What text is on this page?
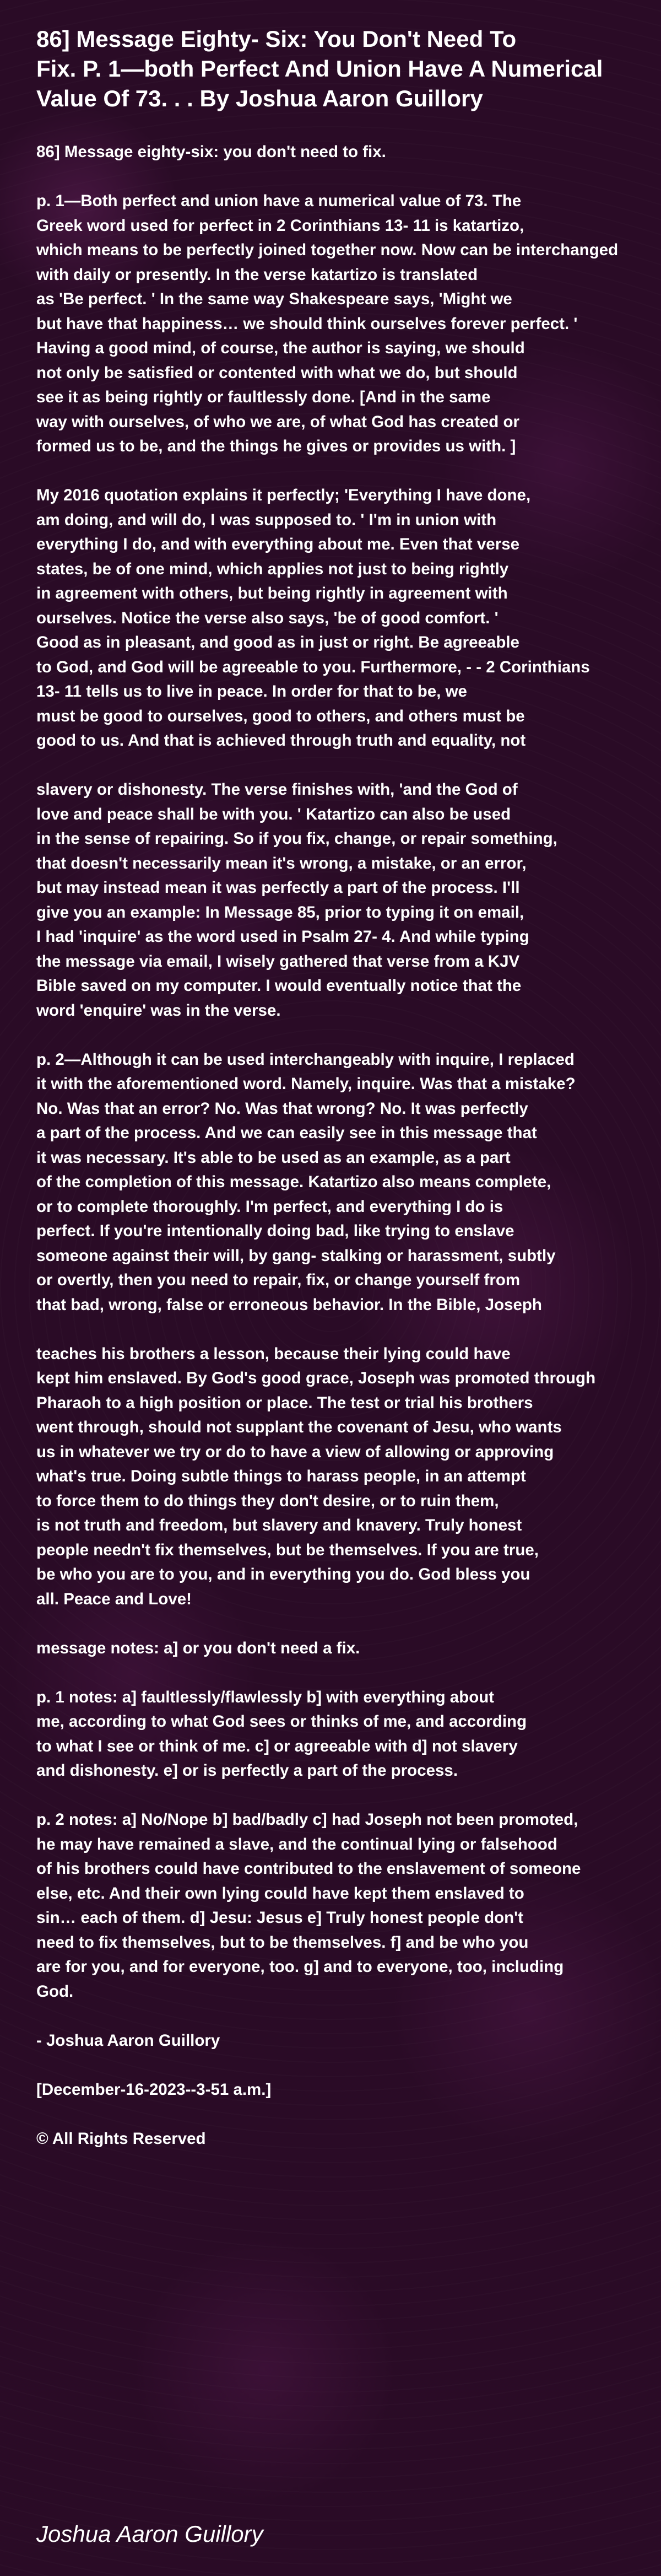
86] Message Eighty- Six: You Don't Need To
Fix. P. 1—both Perfect And Union Have A Numerical
Value Of 73. . . By Joshua Aaron Guillory
86] Message eighty-six: you don't need to fix.
p. 1—Both perfect and union have a numerical value of 73. The
Greek word used for perfect in 2 Corinthians 13- 11 is katartizo,
which means to be perfectly joined together now. Now can be interchanged
with daily or presently. In the verse katartizo is translated
as 'Be perfect. ' In the same way Shakespeare says, 'Might we
but have that happiness… we should think ourselves forever perfect. '
Having a good mind, of course, the author is saying, we should
not only be satisfied or contented with what we do, but should
see it as being rightly or faultlessly done. [And in the same
way with ourselves, of who we are, of what God has created or
formed us to be, and the things he gives or provides us with. ]
My 2016 quotation explains it perfectly; 'Everything I have done,
am doing, and will do, I was supposed to. ' I'm in union with
everything I do, and with everything about me. Even that verse
states, be of one mind, which applies not just to being rightly
in agreement with others, but being rightly in agreement with
ourselves. Notice the verse also says, 'be of good comfort. '
Good as in pleasant, and good as in just or right. Be agreeable
to God, and God will be agreeable to you. Furthermore, - - 2 Corinthians
13- 11 tells us to live in peace. In order for that to be, we
must be good to ourselves, good to others, and others must be
good to us. And that is achieved through truth and equality, not
slavery or dishonesty. The verse finishes with, 'and the God of
love and peace shall be with you. ' Katartizo can also be used
in the sense of repairing. So if you fix, change, or repair something,
that doesn't necessarily mean it's wrong, a mistake, or an error,
but may instead mean it was perfectly a part of the process. I'll
give you an example: In Message 85, prior to typing it on email,
I had 'inquire' as the word used in Psalm 27- 4. And while typing
the message via email, I wisely gathered that verse from a KJV
Bible saved on my computer. I would eventually notice that the
word 'enquire' was in the verse.
p. 2—Although it can be used interchangeably with inquire, I replaced
it with the aforementioned word. Namely, inquire. Was that a mistake?
No. Was that an error? No. Was that wrong? No. It was perfectly
a part of the process. And we can easily see in this message that
it was necessary. It's able to be used as an example, as a part
of the completion of this message. Katartizo also means complete,
or to complete thoroughly. I'm perfect, and everything I do is
perfect. If you're intentionally doing bad, like trying to enslave
someone against their will, by gang- stalking or harassment, subtly
or overtly, then you need to repair, fix, or change yourself from
that bad, wrong, false or erroneous behavior. In the Bible, Joseph
teaches his brothers a lesson, because their lying could have
kept him enslaved. By God's good grace, Joseph was promoted through
Pharaoh to a high position or place. The test or trial his brothers
went through, should not supplant the covenant of Jesu, who wants
us in whatever we try or do to have a view of allowing or approving
what's true. Doing subtle things to harass people, in an attempt
to force them to do things they don't desire, or to ruin them,
is not truth and freedom, but slavery and knavery. Truly honest
people needn't fix themselves, but be themselves. If you are true,
be who you are to you, and in everything you do. God bless you
all. Peace and Love!
message notes: a] or you don't need a fix.
p. 1 notes: a] faultlessly/flawlessly b] with everything about
me, according to what God sees or thinks of me, and according
to what I see or think of me. c] or agreeable with d] not slavery
and dishonesty. e] or is perfectly a part of the process.
p. 2 notes: a] No/Nope b] bad/badly c] had Joseph not been promoted,
he may have remained a slave, and the continual lying or falsehood
of his brothers could have contributed to the enslavement of someone
else, etc. And their own lying could have kept them enslaved to
sin… each of them. d] Jesu: Jesus e] Truly honest people don't
need to fix themselves, but to be themselves. f] and be who you
are for you, and for everyone, too. g] and to everyone, too, including
God.
- Joshua Aaron Guillory
[December-16-2023--3-51 a.m.]
© All Rights Reserved
Joshua Aaron Guillory
